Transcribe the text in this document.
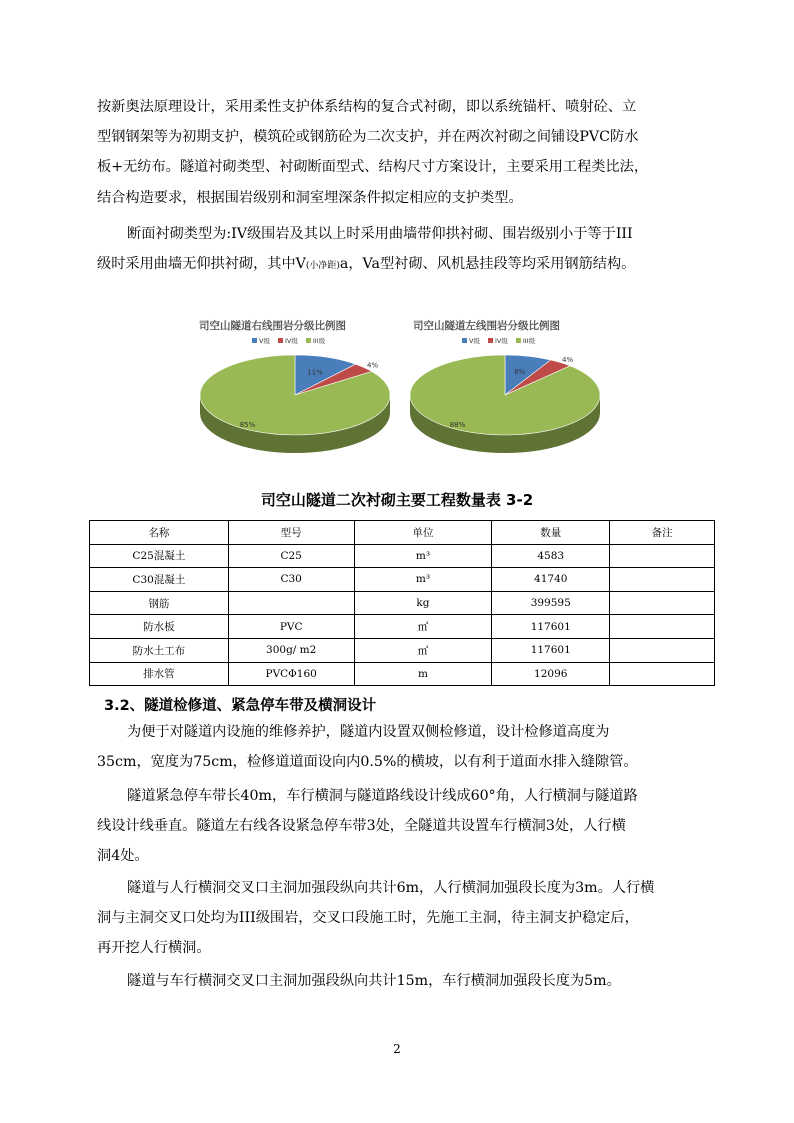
按新奥法原理设计，采用柔性支护体系结构的复合式衬砌，即以系统锚杆、喷射砼、立
型钢钢架等为初期支护，模筑砼或钢筋砼为二次支护，并在两次衬砌之间铺设PVC防水
板+无纺布。隧道衬砌类型、衬砌断面型式、结构尺寸方案设计，主要采用工程类比法，
结合构造要求，根据围岩级别和洞室埋深条件拟定相应的支护类型。
断面衬砌类型为:IV级围岩及其以上时采用曲墙带仰拱衬砌、围岩级别小于等于III
级时采用曲墙无仰拱衬砌，其中V(小净距)a，Va型衬砌、风机悬挂段等均采用钢筋结构。
司空山隧道右线围岩分级比例图
V级 IV级 III级
11%
4%
85%
司空山隧道左线围岩分级比例图
V级 IV级 III级
8%
4%
88%
司空山隧道二次衬砌主要工程数量表 3-2
名称	型号	单位	数量	备注
C25混凝土	C25	m³	4583	
C30混凝土	C30	m³	41740	
钢筋		kg	399595	
防水板	PVC	㎡	117601	
防水土工布	300g/ m2	㎡	117601	
排水管	PVCΦ160	m	12096	
3.2、隧道检修道、紧急停车带及横洞设计
为便于对隧道内设施的维修养护，隧道内设置双侧检修道，设计检修道高度为
35cm，宽度为75cm，检修道道面设向内0.5%的横坡，以有利于道面水排入缝隙管。
隧道紧急停车带长40m，车行横洞与隧道路线设计线成60°角，人行横洞与隧道路
线设计线垂直。隧道左右线各设紧急停车带3处，全隧道共设置车行横洞3处，人行横
洞4处。
隧道与人行横洞交叉口主洞加强段纵向共计6m，人行横洞加强段长度为3m。人行横
洞与主洞交叉口处均为III级围岩，交叉口段施工时，先施工主洞，待主洞支护稳定后，
再开挖人行横洞。
隧道与车行横洞交叉口主洞加强段纵向共计15m，车行横洞加强段长度为5m。
2
